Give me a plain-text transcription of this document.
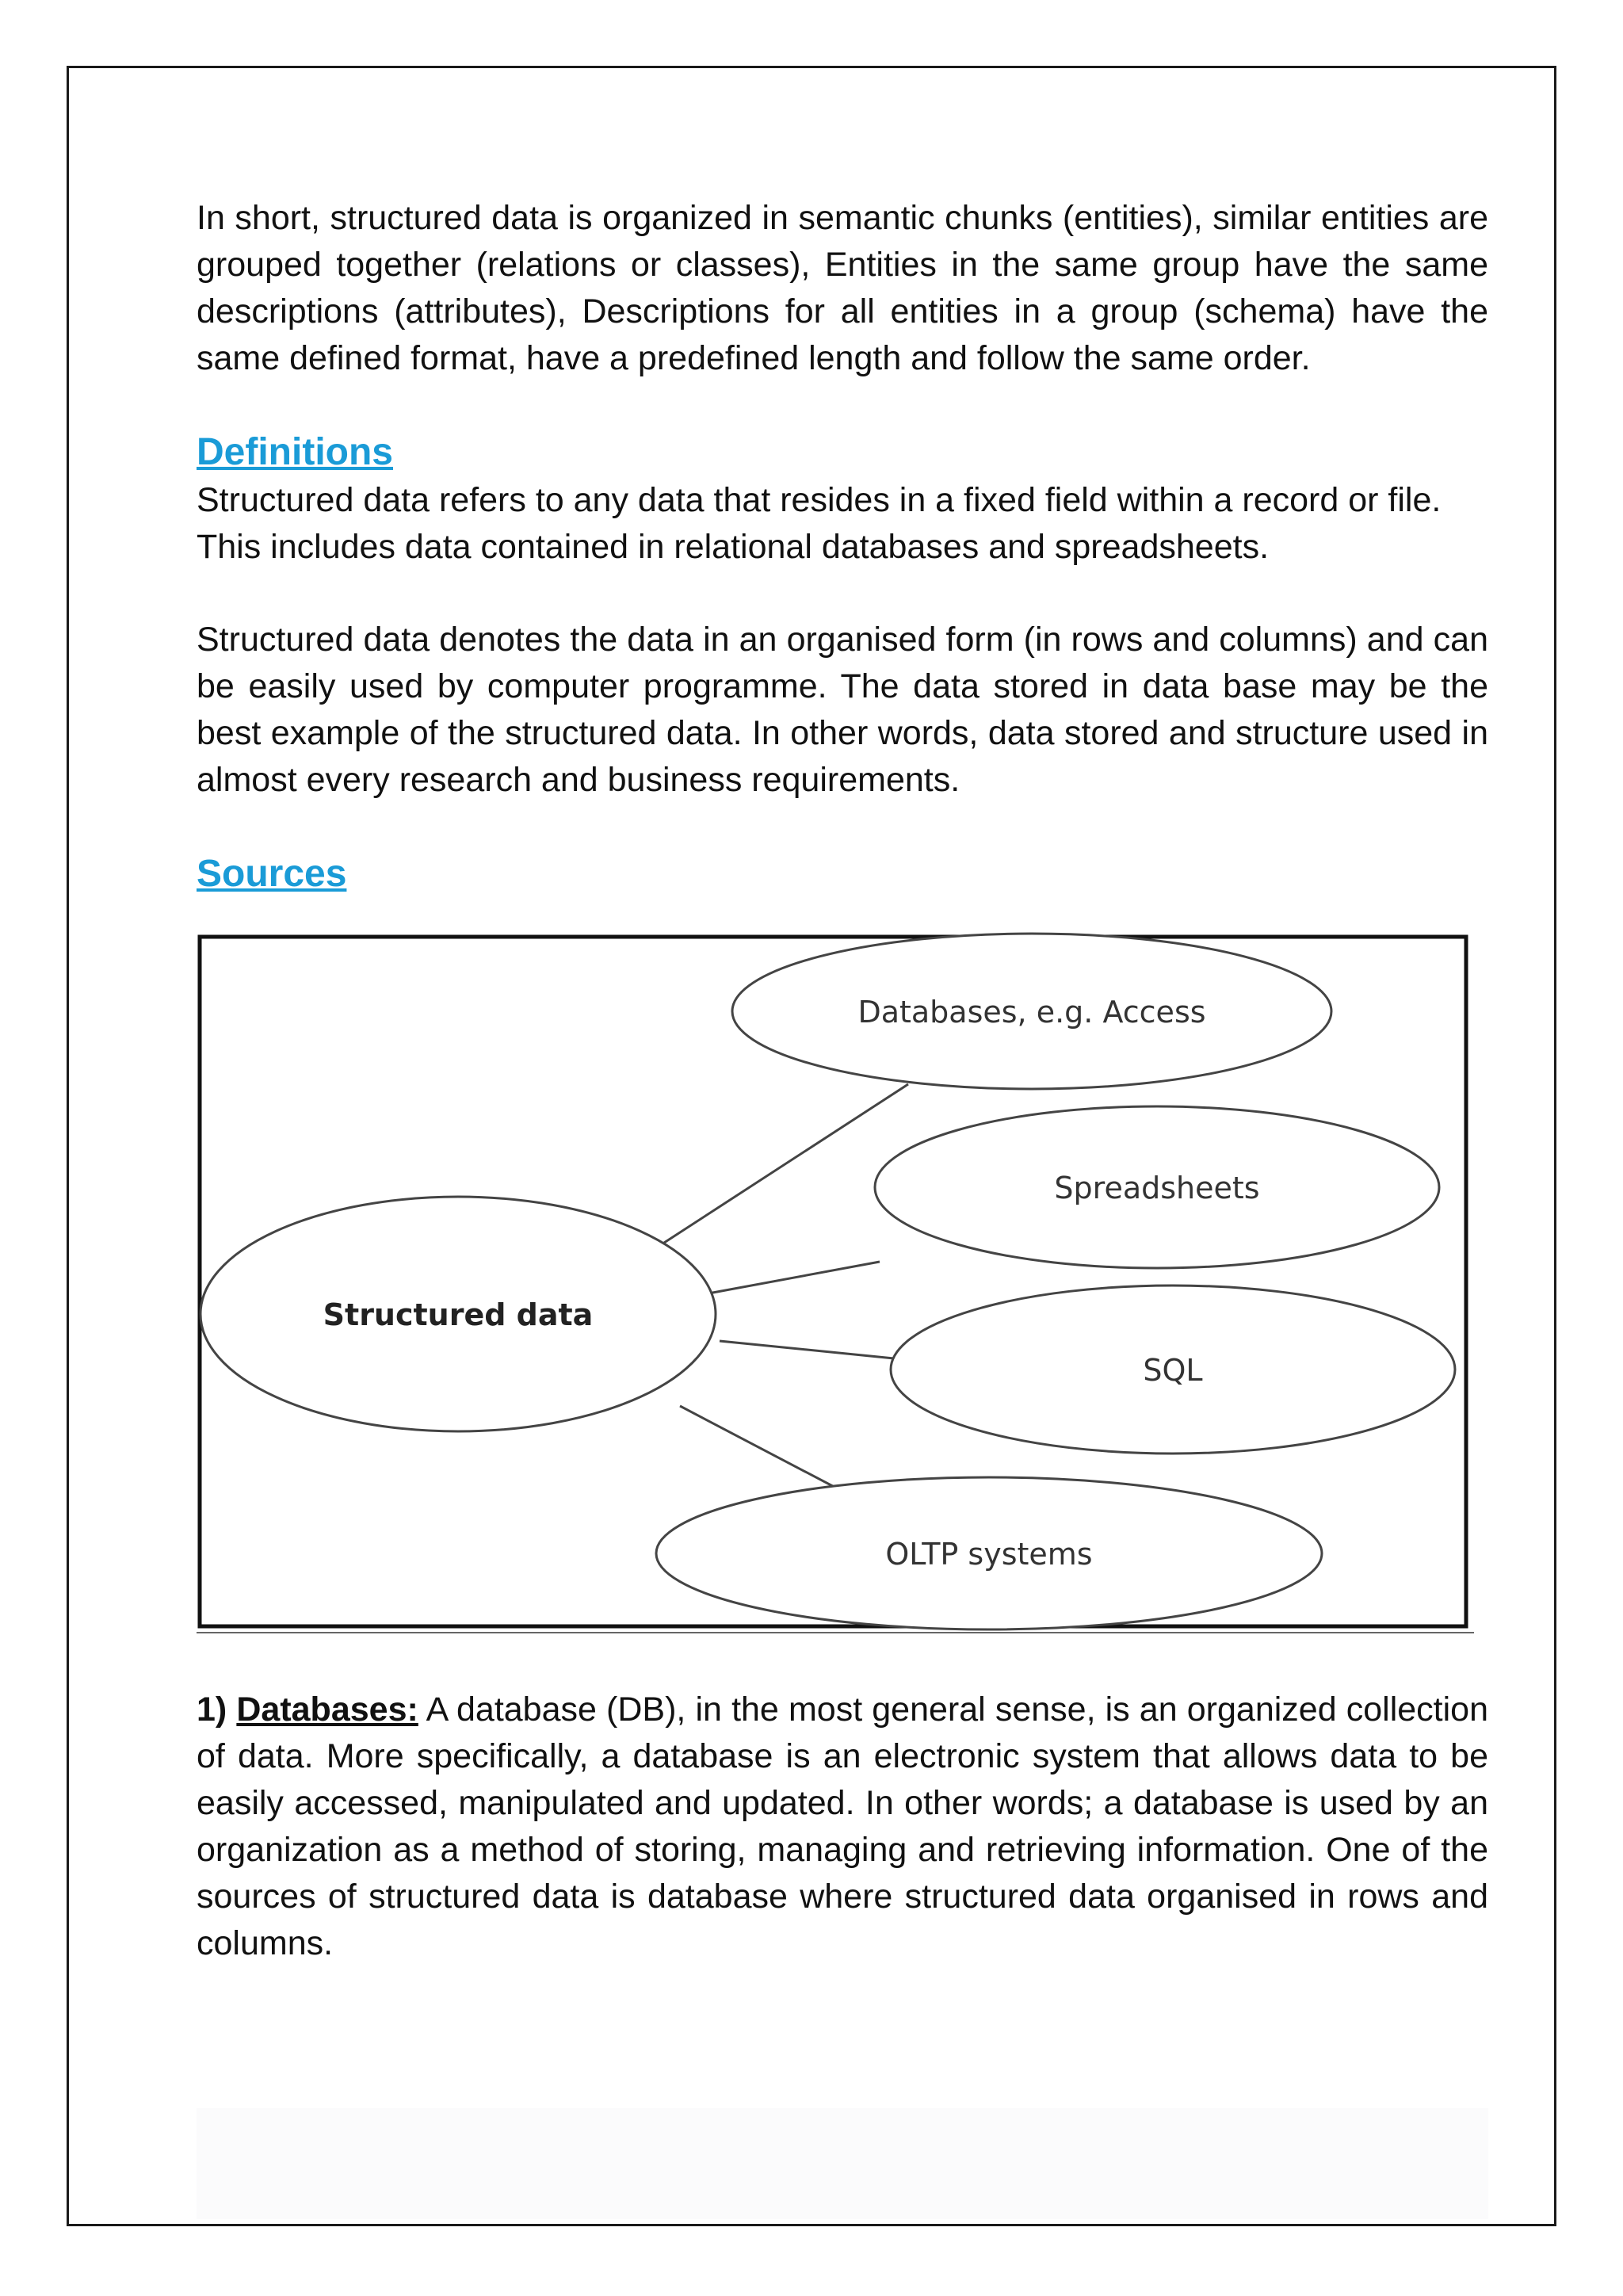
In short, structured data is organized in semantic chunks (entities), similar entities are grouped together (relations or classes), Entities in the same group have the same descriptions (attributes), Descriptions for all entities in a group (schema) have the same defined format, have a predefined length and follow the same order.

Definitions

Structured data refers to any data that resides in a fixed field within a record or file.

This includes data contained in relational databases and spreadsheets.

Structured data denotes the data in an organised form (in rows and columns) and can be easily used by computer programme. The data stored in data base may be the best example of the structured data. In other words, data stored and structure used in almost every research and business requirements.

Sources
Structured data
Databases, e.g. Access
Spreadsheets
SQL
OLTP systems

1) Databases: A database (DB), in the most general sense, is an organized collection of data. More specifically, a database is an electronic system that allows data to be easily accessed, manipulated and updated. In other words; a database is used by an organization as a method of storing, managing and retrieving information. One of the sources of structured data is database where structured data organised in rows and columns.
